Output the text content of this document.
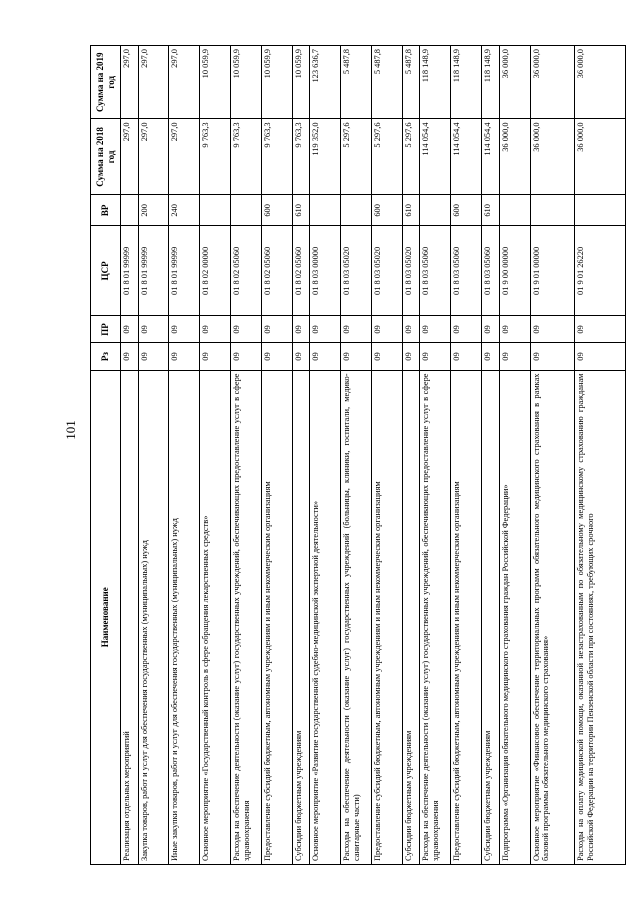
101
Наименование	Рз	ПР	ЦСР	ВР	Сумма на 2018 год	Сумма на 2019 год
Реализация отдельных мероприятий	09	09	01 8 01 99999		297,0	297,0
Закупка товаров, работ и услуг для обеспечения государственных (муниципальных) нужд	09	09	01 8 01 99999	200	297,0	297,0
Иные закупки товаров, работ и услуг для обеспечения государственных (муниципальных) нужд	09	09	01 8 01 99999	240	297,0	297,0
Основное мероприятие «Государственный контроль в сфере обращения лекарственных средств»	09	09	01 8 02 00000		9 763,3	10 059,9
Расходы на обеспечение деятельности (оказание услуг) государственных учреждений, обеспечивающих предоставление услуг в сфере здравоохранения	09	09	01 8 02 05060		9 763,3	10 059,9
Предоставление субсидий бюджетным, автономным учреждениям и иным некоммерческим организациям	09	09	01 8 02 05060	600	9 763,3	10 059,9
Субсидии бюджетным учреждениям	09	09	01 8 02 05060	610	9 763,3	10 059,9
Основное мероприятие «Развитие государственной судебно-медицинской экспертной деятельности»	09	09	01 8 03 00000		119 352,0	123 636,7
Расходы на обеспечение деятельности (оказание услуг) государственных учреждений (больницы, клиники, госпитали, медико-санитарные части)	09	09	01 8 03 05020		5 297,6	5 487,8
Предоставление субсидий бюджетным, автономным учреждениям и иным некоммерческим организациям	09	09	01 8 03 05020	600	5 297,6	5 487,8
Субсидии бюджетным учреждениям	09	09	01 8 03 05020	610	5 297,6	5 487,8
Расходы на обеспечение деятельности (оказание услуг) государственных учреждений, обеспечивающих предоставление услуг в сфере здравоохранения	09	09	01 8 03 05060		114 054,4	118 148,9
Предоставление субсидий бюджетным, автономным учреждениям и иным некоммерческим организациям	09	09	01 8 03 05060	600	114 054,4	118 148,9
Субсидии бюджетным учреждениям	09	09	01 8 03 05060	610	114 054,4	118 148,9
Подпрограмма «Организация обязательного медицинского страхования граждан Российской Федерации»	09	09	01 9 00 00000		36 000,0	36 000,0
Основное мероприятие «Финансовое обеспечение территориальных программ обязательного медицинского страхования в рамках базовой программы обязательного медицинского страхования»	09	09	01 9 01 00000		36 000,0	36 000,0
Расходы на оплату медицинской помощи, оказанной незастрахованным по обязательному медицинскому страхованию гражданам Российской Федерации на территории Пензенской области при состояниях, требующих срочного	09	09	01 9 01 26220		36 000,0	36 000,0
